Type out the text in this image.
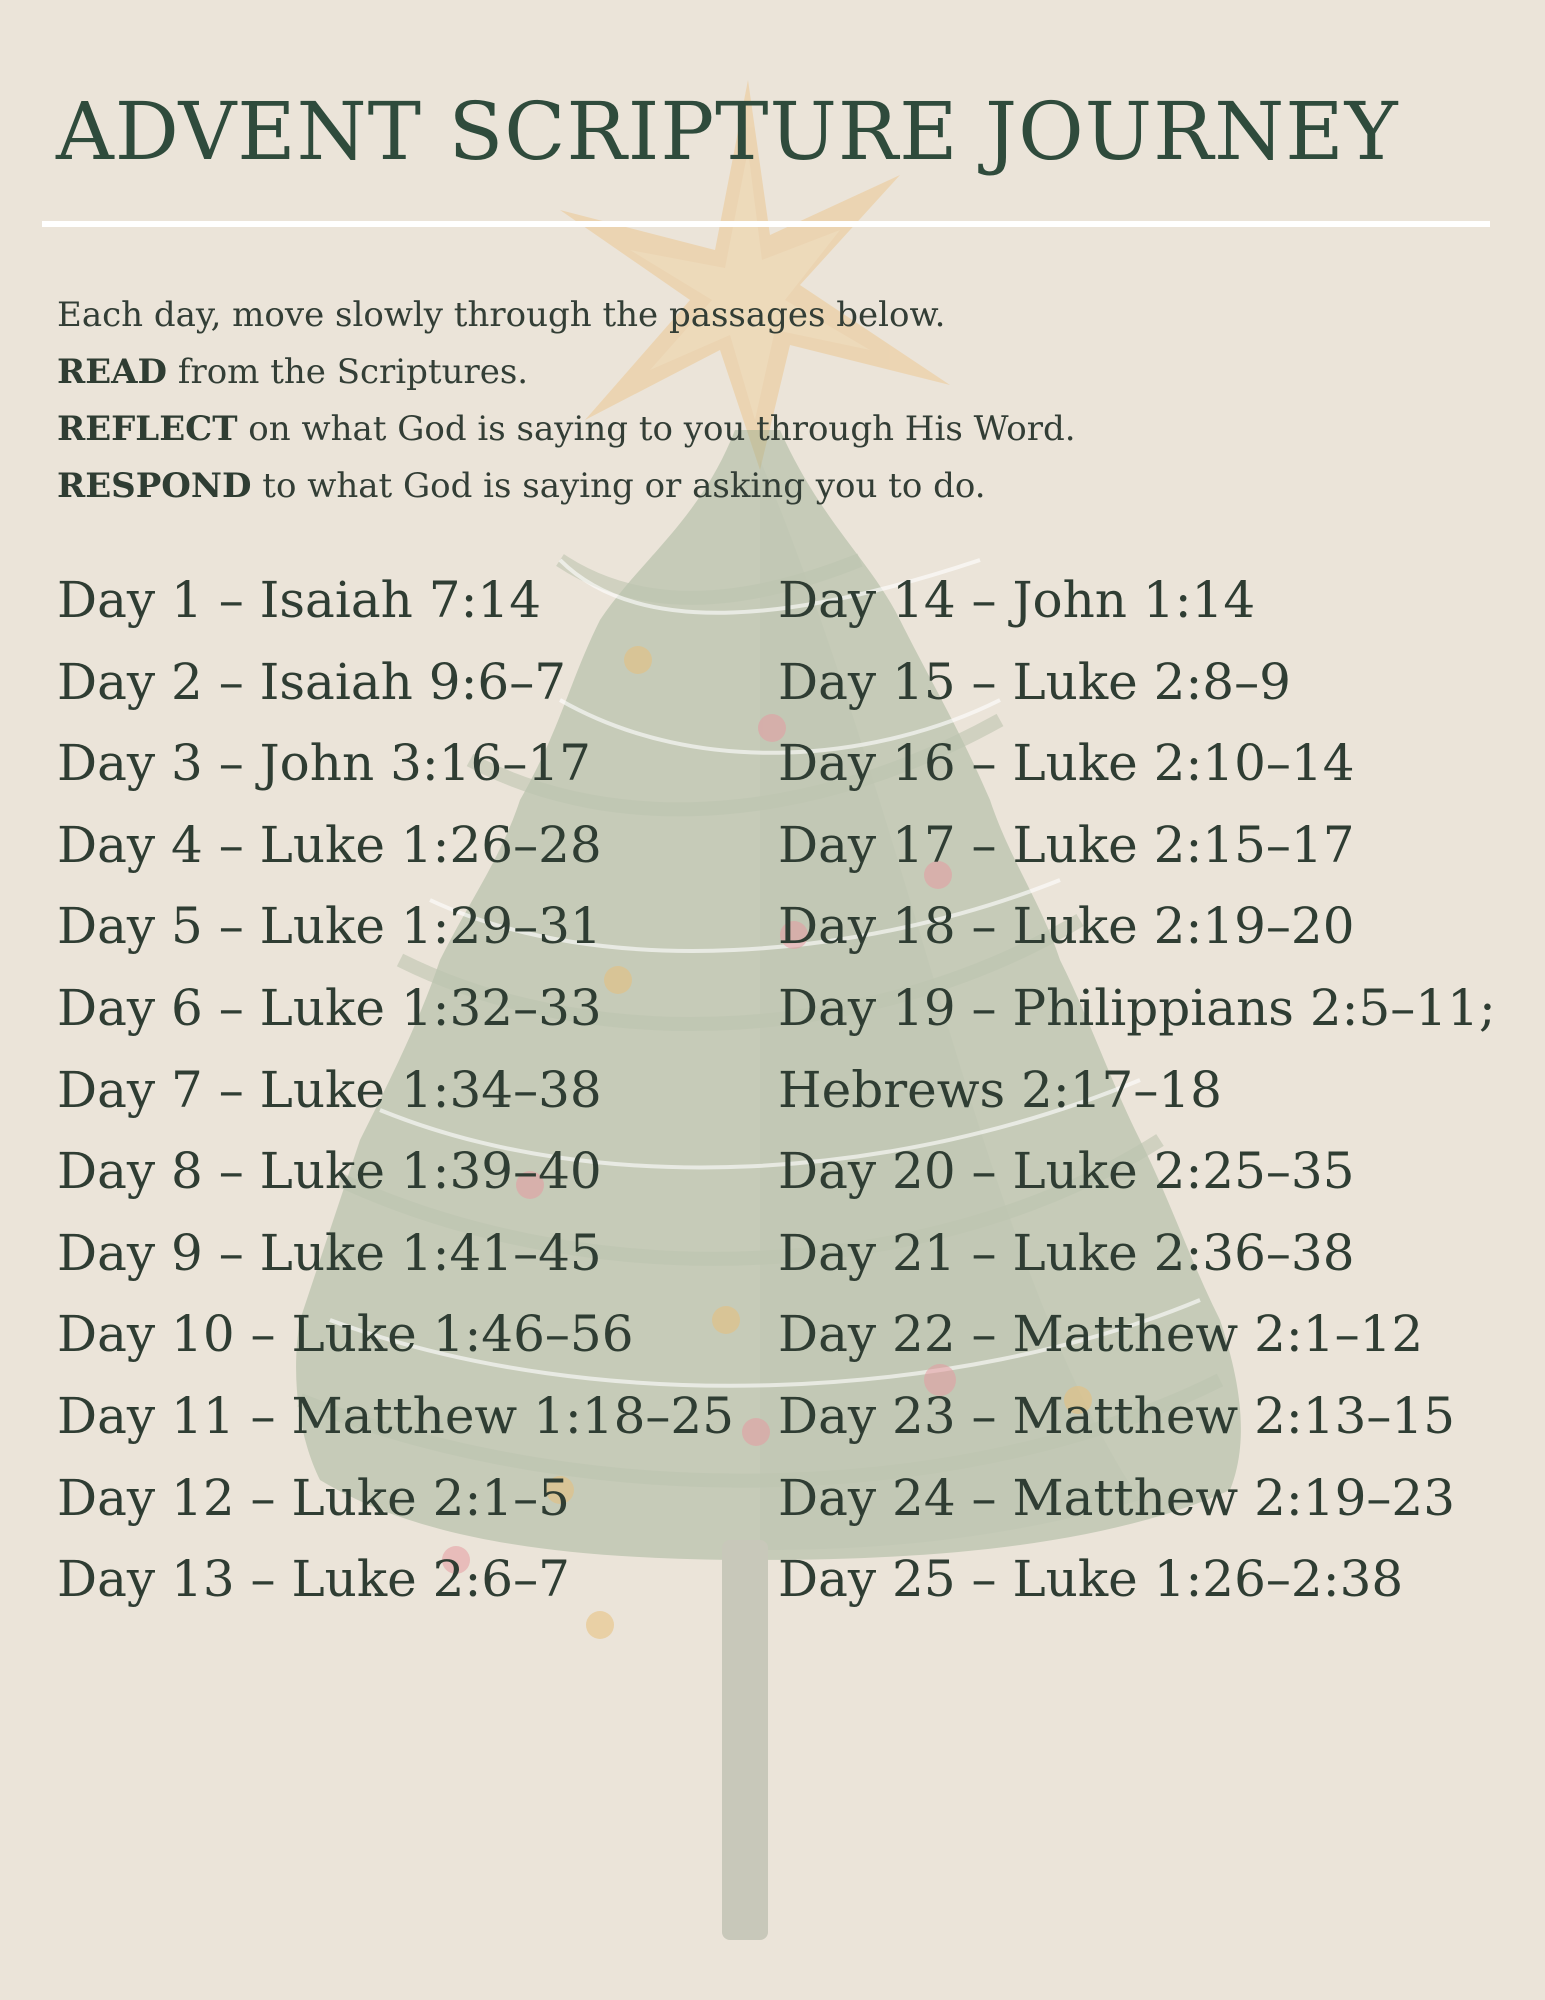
ADVENT SCRIPTURE JOURNEY

Each day, move slowly through the passages below.

READ from the Scriptures.

REFLECT on what God is saying to you through His Word.

RESPOND to what God is saying or asking you to do.

Day 1 – Isaiah 7:14
Day 2 – Isaiah 9:6–7
Day 3 – John 3:16–17
Day 4 – Luke 1:26–28
Day 5 – Luke 1:29–31
Day 6 – Luke 1:32–33
Day 7 – Luke 1:34–38
Day 8 – Luke 1:39–40
Day 9 – Luke 1:41–45
Day 10 – Luke 1:46–56
Day 11 – Matthew 1:18–25
Day 12 – Luke 2:1–5
Day 13 – Luke 2:6–7
Day 14 – John 1:14
Day 15 – Luke 2:8–9
Day 16 – Luke 2:10–14
Day 17 – Luke 2:15–17
Day 18 – Luke 2:19–20
Day 19 – Philippians 2:5–11;
Hebrews 2:17–18
Day 20 – Luke 2:25–35
Day 21 – Luke 2:36–38
Day 22 – Matthew 2:1–12
Day 23 – Matthew 2:13–15
Day 24 – Matthew 2:19–23
Day 25 – Luke 1:26–2:38
